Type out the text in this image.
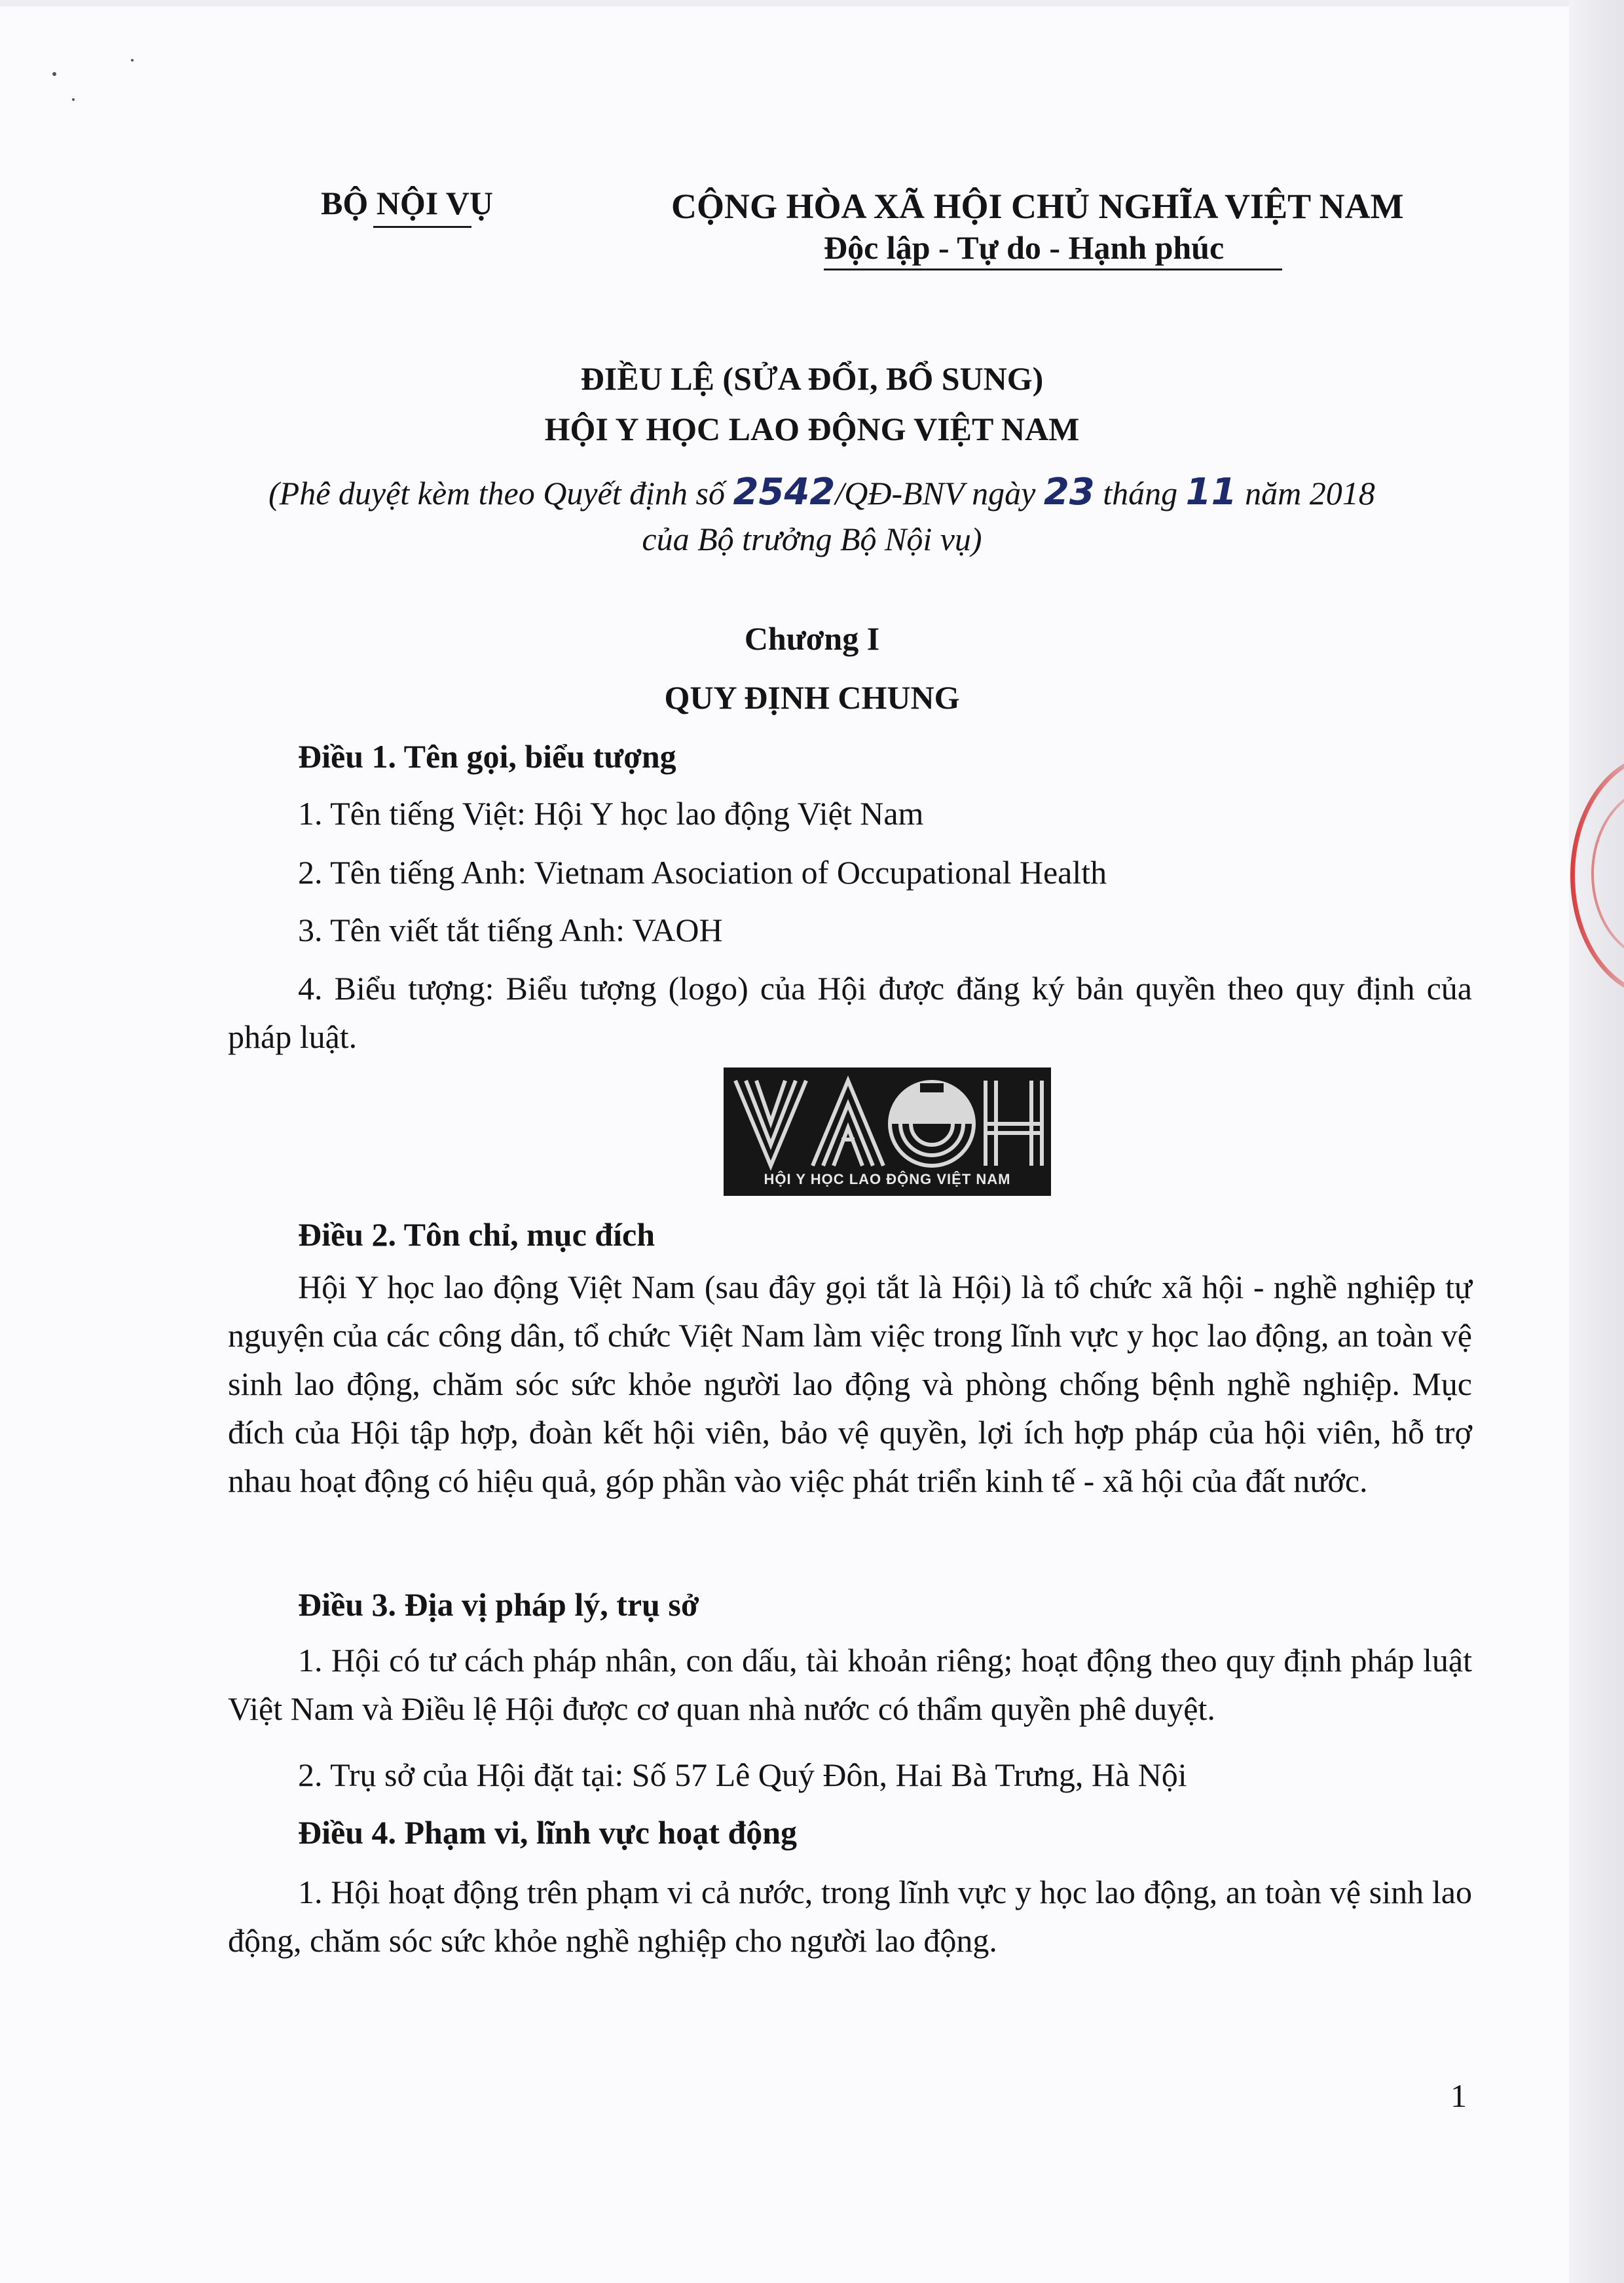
BỘ NỘI VỤ	CỘNG HÒA XÃ HỘI CHỦ NGHĨA VIỆT NAM
Độc lập - Tự do - Hạnh phúc
ĐIỀU LỆ (SỬA ĐỔI, BỔ SUNG)
HỘI Y HỌC LAO ĐỘNG VIỆT NAM
(Phê duyệt kèm theo Quyết định số 2542/QĐ-BNV ngày 23 tháng 11 năm 2018
của Bộ trưởng Bộ Nội vụ)
Chương I
QUY ĐỊNH CHUNG
Điều 1. Tên gọi, biểu tượng
1. Tên tiếng Việt: Hội Y học lao động Việt Nam
2. Tên tiếng Anh: Vietnam Asociation of Occupational Health
3. Tên viết tắt tiếng Anh: VAOH
4. Biểu tượng: Biểu tượng (logo) của Hội được đăng ký bản quyền theo quy định của pháp luật.
HỘI Y HỌC LAO ĐỘNG VIỆT NAM
Điều 2. Tôn chỉ, mục đích
Hội Y học lao động Việt Nam (sau đây gọi tắt là Hội) là tổ chức xã hội - nghề nghiệp tự nguyện của các công dân, tổ chức Việt Nam làm việc trong lĩnh vực y học lao động, an toàn vệ sinh lao động, chăm sóc sức khỏe người lao động và phòng chống bệnh nghề nghiệp. Mục đích của Hội tập hợp, đoàn kết hội viên, bảo vệ quyền, lợi ích hợp pháp của hội viên, hỗ trợ nhau hoạt động có hiệu quả, góp phần vào việc phát triển kinh tế - xã hội của đất nước.
Điều 3. Địa vị pháp lý, trụ sở
1. Hội có tư cách pháp nhân, con dấu, tài khoản riêng; hoạt động theo quy định pháp luật Việt Nam và Điều lệ Hội được cơ quan nhà nước có thẩm quyền phê duyệt.
2. Trụ sở của Hội đặt tại: Số 57 Lê Quý Đôn, Hai Bà Trưng, Hà Nội
Điều 4. Phạm vi, lĩnh vực hoạt động
1. Hội hoạt động trên phạm vi cả nước, trong lĩnh vực y học lao động, an toàn vệ sinh lao động, chăm sóc sức khỏe nghề nghiệp cho người lao động.
1
